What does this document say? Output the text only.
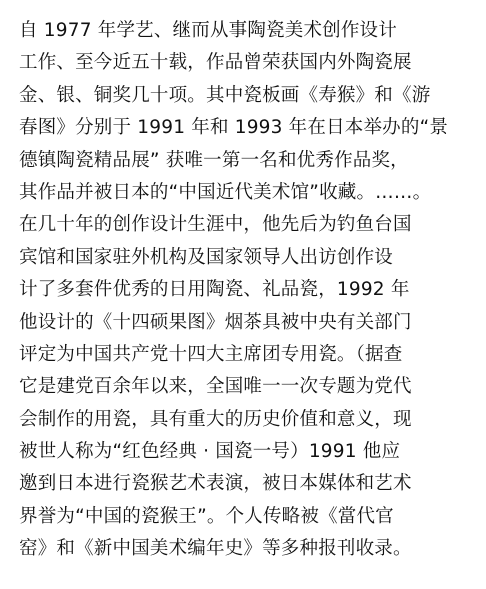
自 1977 年学艺、继而从事陶瓷美术创作设计
工作、至今近五十载，作品曾荣获国内外陶瓷展
金、银、铜奖几十项。其中瓷板画《寿猴》和《游
春图》分别于 1991 年和 1993 年在日本举办的“景
德镇陶瓷精品展” 获唯一第一名和优秀作品奖，
其作品并被日本的“中国近代美术馆”收藏。……。
在几十年的创作设计生涯中，他先后为钓鱼台国
宾馆和国家驻外机构及国家领导人出访创作设
计了多套件优秀的日用陶瓷、礼品瓷，1992 年
他设计的《十四硕果图》烟茶具被中央有关部门
评定为中国共产党十四大主席团专用瓷。（据查
它是建党百余年以来，全国唯一一次专题为党代
会制作的用瓷，具有重大的历史价值和意义，现
被世人称为“红色经典 · 国瓷一号）1991 他应
邀到日本进行瓷猴艺术表演，被日本媒体和艺术
界誉为“中国的瓷猴王”。个人传略被《當代官
窑》和《新中国美术编年史》等多种报刊收录。
